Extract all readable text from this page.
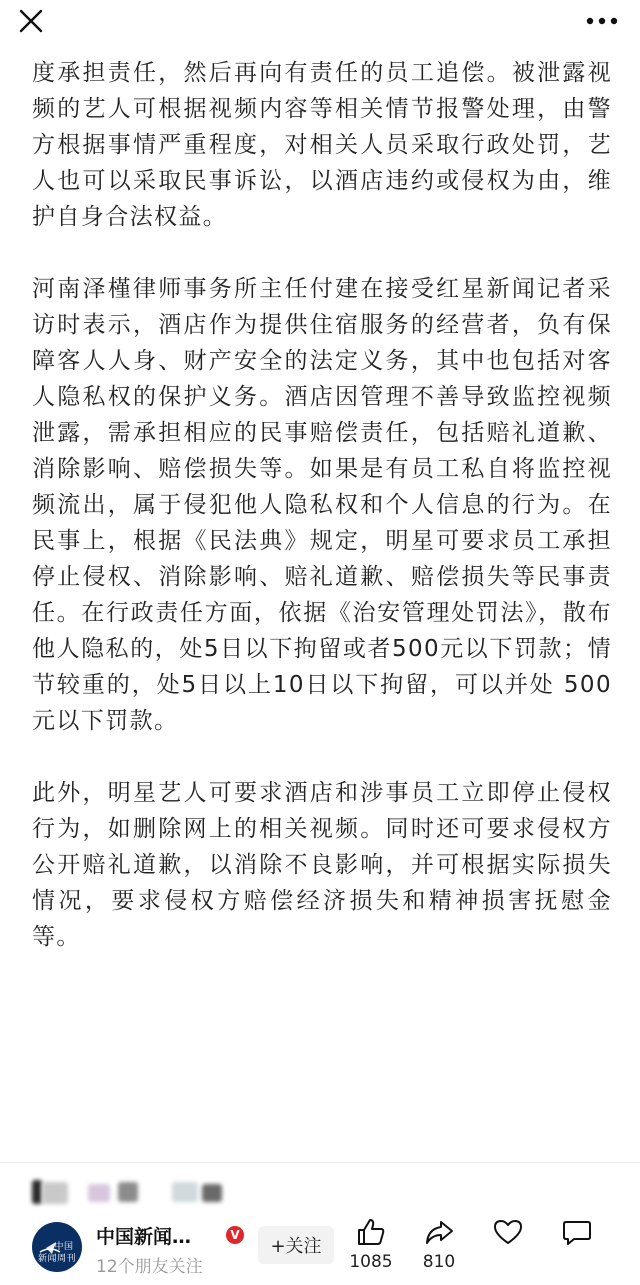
度承担责任，然后再向有责任的员工追偿。被泄露视频的艺人可根据视频内容等相关情节报警处理，由警方根据事情严重程度，对相关人员采取行政处罚，艺人也可以采取民事诉讼，以酒店违约或侵权为由，维护自身合法权益。

河南泽槿律师事务所主任付建在接受红星新闻记者采访时表示，酒店作为提供住宿服务的经营者，负有保障客人人身、财产安全的法定义务，其中也包括对客人隐私权的保护义务。酒店因管理不善导致监控视频泄露，需承担相应的民事赔偿责任，包括赔礼道歉、消除影响、赔偿损失等。如果是有员工私自将监控视频流出，属于侵犯他人隐私权和个人信息的行为。在民事上，根据《民法典》规定，明星可要求员工承担停止侵权、消除影响、赔礼道歉、赔偿损失等民事责任。在行政责任方面，依据《治安管理处罚法》，散布他人隐私的，处5日以下拘留或者500元以下罚款；情节较重的，处5日以上10日以下拘留，可以并处 500元以下罚款。

此外，明星艺人可要求酒店和涉事员工立即停止侵权行为，如删除网上的相关视频。同时还可要求侵权方公开赔礼道歉，以消除不良影响，并可根据实际损失情况，要求侵权方赔偿经济损失和精神损害抚慰金等。

中国
新闻周刊
中国新闻…	V
12个朋友关注
+关注
1085	810
